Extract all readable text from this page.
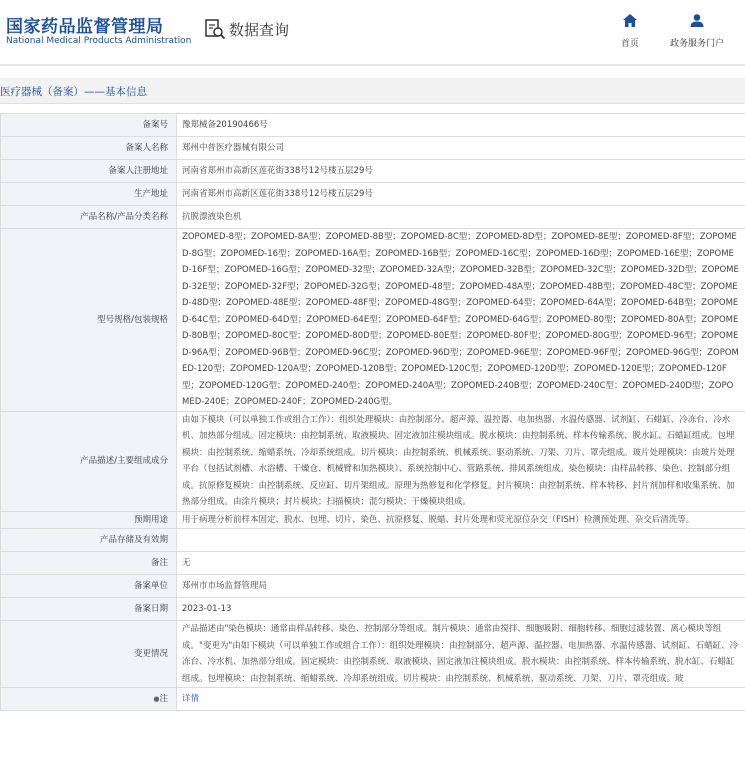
国家药品监督管理局
National Medical Products Administration
数据查询
首页	政务服务门户
医疗器械（备案）——基本信息
备案号	豫郑械备20190466号
备案人名称	郑州中普医疗器械有限公司
备案人注册地址	河南省郑州市高新区莲花街338号12号楼五层29号
生产地址	河南省郑州市高新区莲花街338号12号楼五层29号
产品名称/产品分类名称	抗脱漂液染色机
型号规格/包装规格	ZOPOMED-8型；ZOPOMED-8A型；ZOPOMED-8B型；ZOPOMED-8C型；ZOPOMED-8D型；ZOPOMED-8E型；ZOPOMED-8F型；ZOPOMED-8G型；ZOPOMED-16型；ZOPOMED-16A型；ZOPOMED-16B型；ZOPOMED-16C型；ZOPOMED-16D型；ZOPOMED-16E型；ZOPOMED-16F型；ZOPOMED-16G型；ZOPOMED-32型；ZOPOMED-32A型；ZOPOMED-32B型；ZOPOMED-32C型；ZOPOMED-32D型；ZOPOMED-32E型；ZOPOMED-32F型；ZOPOMED-32G型；ZOPOMED-48型；ZOPOMED-48A型；ZOPOMED-48B型；ZOPOMED-48C型；ZOPOMED-48D型；ZOPOMED-48E型；ZOPOMED-48F型；ZOPOMED-48G型；ZOPOMED-64型；ZOPOMED-64A型；ZOPOMED-64B型；ZOPOMED-64C型；ZOPOMED-64D型；ZOPOMED-64E型；ZOPOMED-64F型；ZOPOMED-64G型；ZOPOMED-80型；ZOPOMED-80A型；ZOPOMED-80B型；ZOPOMED-80C型；ZOPOMED-80D型；ZOPOMED-80E型；ZOPOMED-80F型；ZOPOMED-80G型；ZOPOMED-96型；ZOPOMED-96A型；ZOPOMED-96B型；ZOPOMED-96C型；ZOPOMED-96D型；ZOPOMED-96E型；ZOPOMED-96F型；ZOPOMED-96G型；ZOPOMED-120型；ZOPOMED-120A型；ZOPOMED-120B型；ZOPOMED-120C型；ZOPOMED-120D型；ZOPOMED-120E型；ZOPOMED-120F型；ZOPOMED-120G型；ZOPOMED-240型；ZOPOMED-240A型；ZOPOMED-240B型；ZOPOMED-240C型；ZOPOMED-240D型；ZOPOMED-240E；ZOPOMED-240F；ZOPOMED-240G型。
产品描述/主要组成成分	由如下模块（可以单独工作或组合工作）：组织处理模块：由控制部分、超声源、温控器、电加热器、水温传感器、试剂缸、石蜡缸、冷冻台、冷水机、加热部分组成。固定模块：由控制系统、取液模块、固定液加注模块组成。脱水模块：由控制系统、样本传输系统、脱水缸、石蜡缸组成。包埋模块：由控制系统、缩蜡系统、冷却系统组成。切片模块：由控制系统、机械系统、驱动系统、刀架、刀片、罩壳组成。玻片处理模块：由玻片处理平台（包括试剂槽、水浴槽、干燥仓、机械臂和加热模块）、系统控制中心、管路系统、排风系统组成。染色模块：由样品转移、染色、控制部分组成。抗原修复模块：由控制系统、反应缸、切片架组成。原理为热修复和化学修复。封片模块：由控制系统、样本转移、封片剂加样和收集系统、加热部分组成。由涂片模块；封片模块；扫描模块；混匀模块；干燥模块组成。
预期用途	用于病理分析前样本固定、脱水、包埋、切片、染色、抗原修复、脱蜡、封片处理和荧光原位杂交（FISH）检测预处理、杂交后清洗等。
产品存储及有效期	
备注	无
备案单位	郑州市市场监督管理局
备案日期	2023-01-13
变更情况	产品描述由"染色模块：通常由样品转移、染色、控制部分等组成。制片模块：通常由搅拌、细胞吸附、细胞转移、细胞过滤装置、离心模块等组成。"变更为"由如下模块（可以单独工作或组合工作）：组织处理模块：由控制部分、超声源、温控器、电加热器、水温传感器、试剂缸、石蜡缸、冷冻台、冷水机、加热部分组成。固定模块：由控制系统、取液模块、固定液加注模块组成。脱水模块：由控制系统、样本传输系统、脱水缸、石蜡缸组成。包埋模块：由控制系统、缩蜡系统、冷却系统组成。切片模块：由控制系统、机械系统、驱动系统、刀架、刀片、罩壳组成。玻
●注	详情
